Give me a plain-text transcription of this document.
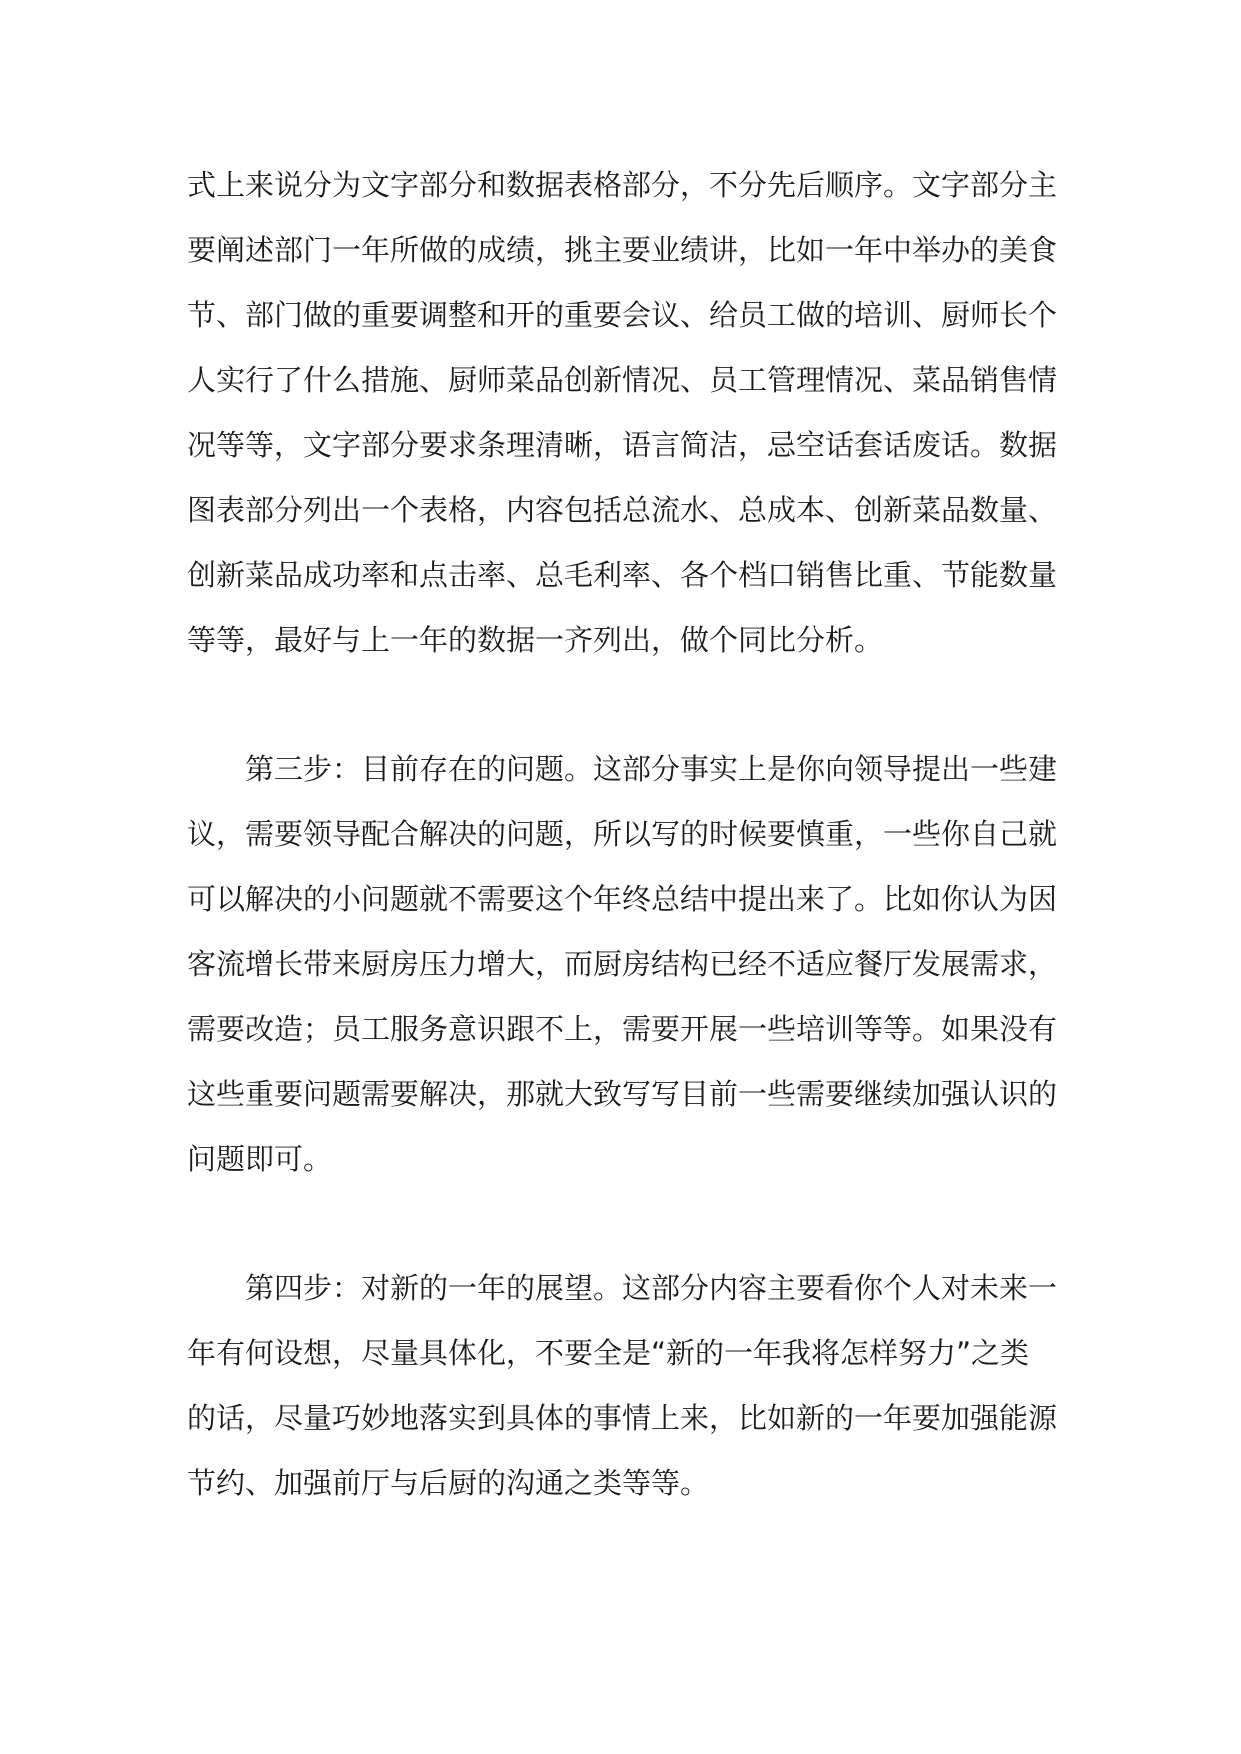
式上来说分为文字部分和数据表格部分，不分先后顺序。文字部分主
要阐述部门一年所做的成绩，挑主要业绩讲，比如一年中举办的美食
节、部门做的重要调整和开的重要会议、给员工做的培训、厨师长个
人实行了什么措施、厨师菜品创新情况、员工管理情况、菜品销售情
况等等，文字部分要求条理清晰，语言简洁，忌空话套话废话。数据
图表部分列出一个表格，内容包括总流水、总成本、创新菜品数量、
创新菜品成功率和点击率、总毛利率、各个档口销售比重、节能数量
等等，最好与上一年的数据一齐列出，做个同比分析。
第三步：目前存在的问题。这部分事实上是你向领导提出一些建
议，需要领导配合解决的问题，所以写的时候要慎重，一些你自己就
可以解决的小问题就不需要这个年终总结中提出来了。比如你认为因
客流增长带来厨房压力增大，而厨房结构已经不适应餐厅发展需求，
需要改造；员工服务意识跟不上，需要开展一些培训等等。如果没有
这些重要问题需要解决，那就大致写写目前一些需要继续加强认识的
问题即可。
第四步：对新的一年的展望。这部分内容主要看你个人对未来一
年有何设想，尽量具体化，不要全是“新的一年我将怎样努力”之类
的话，尽量巧妙地落实到具体的事情上来，比如新的一年要加强能源
节约、加强前厅与后厨的沟通之类等等。
